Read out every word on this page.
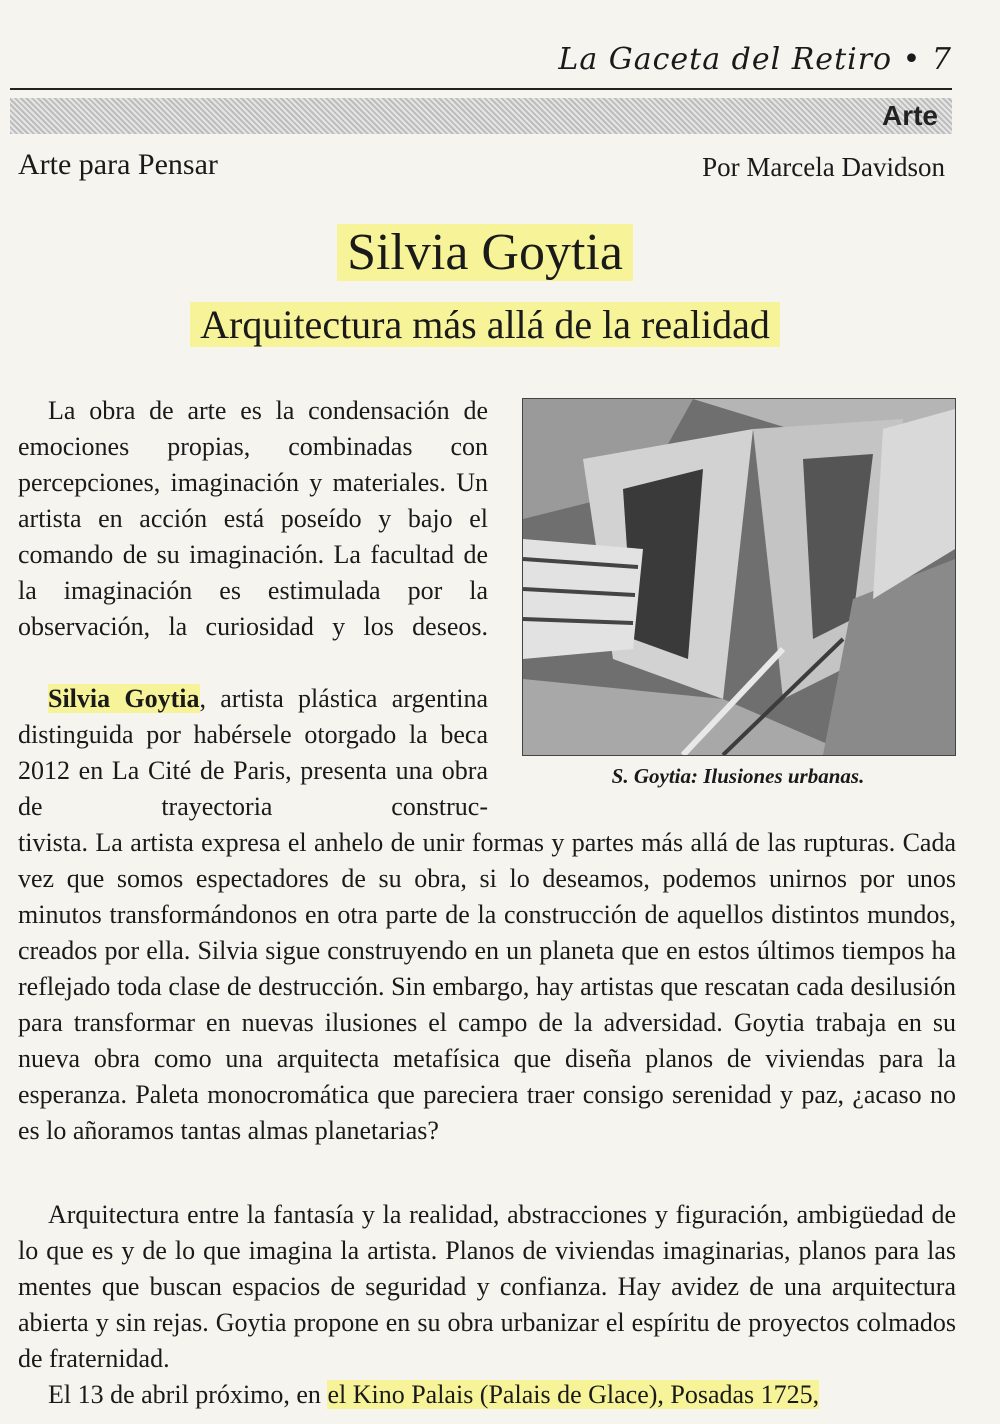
La Gaceta del Retiro • 7
Arte
Arte para Pensar	Por Marcela Davidson
Silvia Goytia
Arquitectura más allá de la realidad
La obra de arte es la condensación de emociones propias, combinadas con percepciones, imaginación y materiales. Un artista en acción está poseído y bajo el comando de su imaginación. La facultad de la imaginación es estimulada por la observación, la curiosidad y los deseos.
S. Goytia: Ilusiones urbanas.
Silvia Goytia, artista plástica argentina distinguida por habérsele otorgado la beca 2012 en La Cité de Paris, presenta una obra de trayectoria construc-
tivista. La artista expresa el anhelo de unir formas y partes más allá de las rupturas. Cada vez que somos espectadores de su obra, si lo deseamos, podemos unirnos por unos minutos transformándonos en otra parte de la construcción de aquellos distintos mundos, creados por ella. Silvia sigue construyendo en un planeta que en estos últimos tiempos ha reflejado toda clase de destrucción. Sin embargo, hay artistas que rescatan cada desilusión para transformar en nuevas ilusiones el campo de la adversidad. Goytia trabaja en su nueva obra como una arquitecta metafísica que diseña planos de viviendas para la esperanza. Paleta monocromática que pareciera traer consigo serenidad y paz, ¿acaso no es lo añoramos tantas almas planetarias?
Arquitectura entre la fantasía y la realidad, abstracciones y figuración, ambigüedad de lo que es y de lo que imagina la artista. Planos de viviendas imaginarias, planos para las mentes que buscan espacios de seguridad y confianza. Hay avidez de una arquitectura abierta y sin rejas. Goytia propone en su obra urbanizar el espíritu de proyectos colmados de fraternidad.
El 13 de abril próximo, en el Kino Palais (Palais de Glace), Posadas 1725,
